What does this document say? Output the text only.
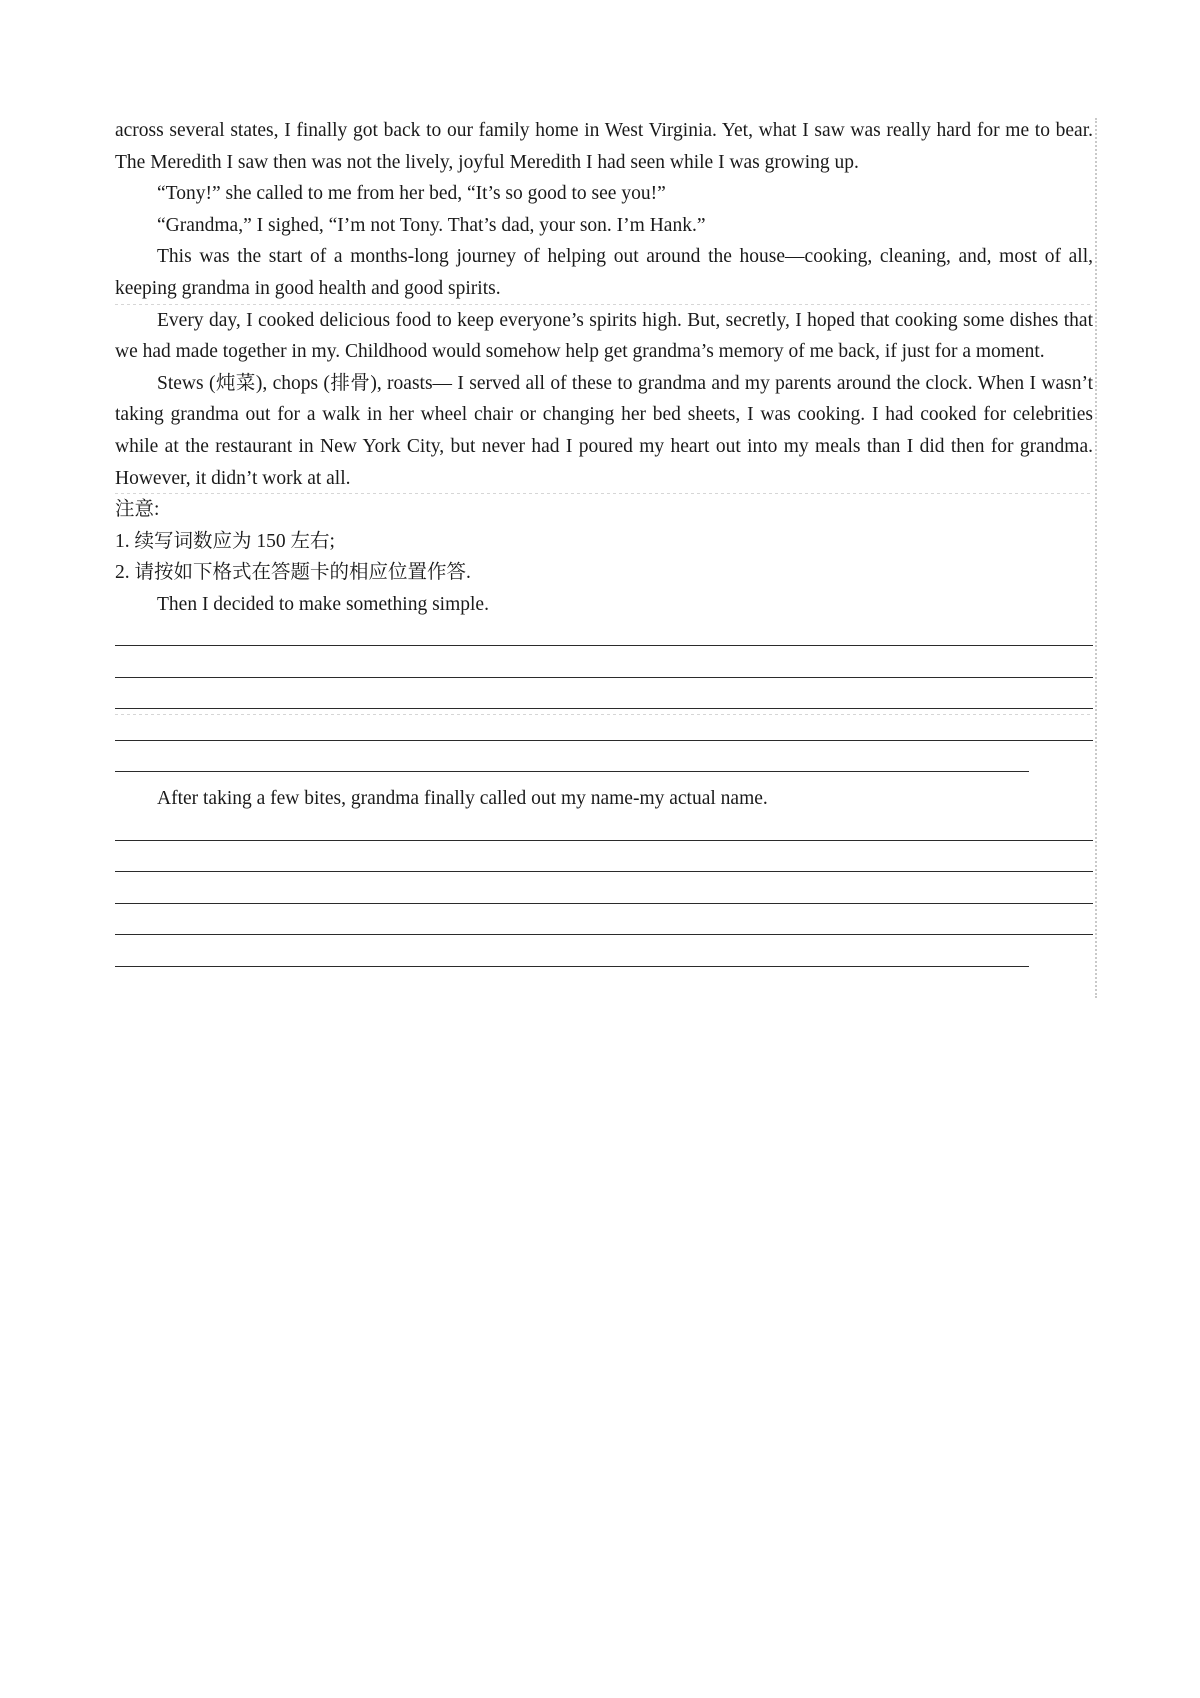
across several states, I finally got back to our family home in West Virginia. Yet, what I saw was really hard for me to bear. The Meredith I saw then was not the lively, joyful Meredith I had seen while I was growing up.

“Tony!” she called to me from her bed, “It’s so good to see you!”

“Grandma,” I sighed, “I’m not Tony. That’s dad, your son. I’m Hank.”

This was the start of a months-long journey of helping out around the house—cooking, cleaning, and, most of all, keeping grandma in good health and good spirits.

Every day, I cooked delicious food to keep everyone’s spirits high. But, secretly, I hoped that cooking some dishes that we had made together in my. Childhood would somehow help get grandma’s memory of me back, if just for a moment.

Stews (炖菜), chops (排骨), roasts— I served all of these to grandma and my parents around the clock. When I wasn’t taking grandma out for a walk in her wheel chair or changing her bed sheets, I was cooking. I had cooked for celebrities while at the restaurant in New York City, but never had I poured my heart out into my meals than I did then for grandma. However, it didn’t work at all.

注意:

1. 续写词数应为 150 左右;

2. 请按如下格式在答题卡的相应位置作答.

Then I decided to make something simple.

After taking a few bites, grandma finally called out my name-my actual name.
